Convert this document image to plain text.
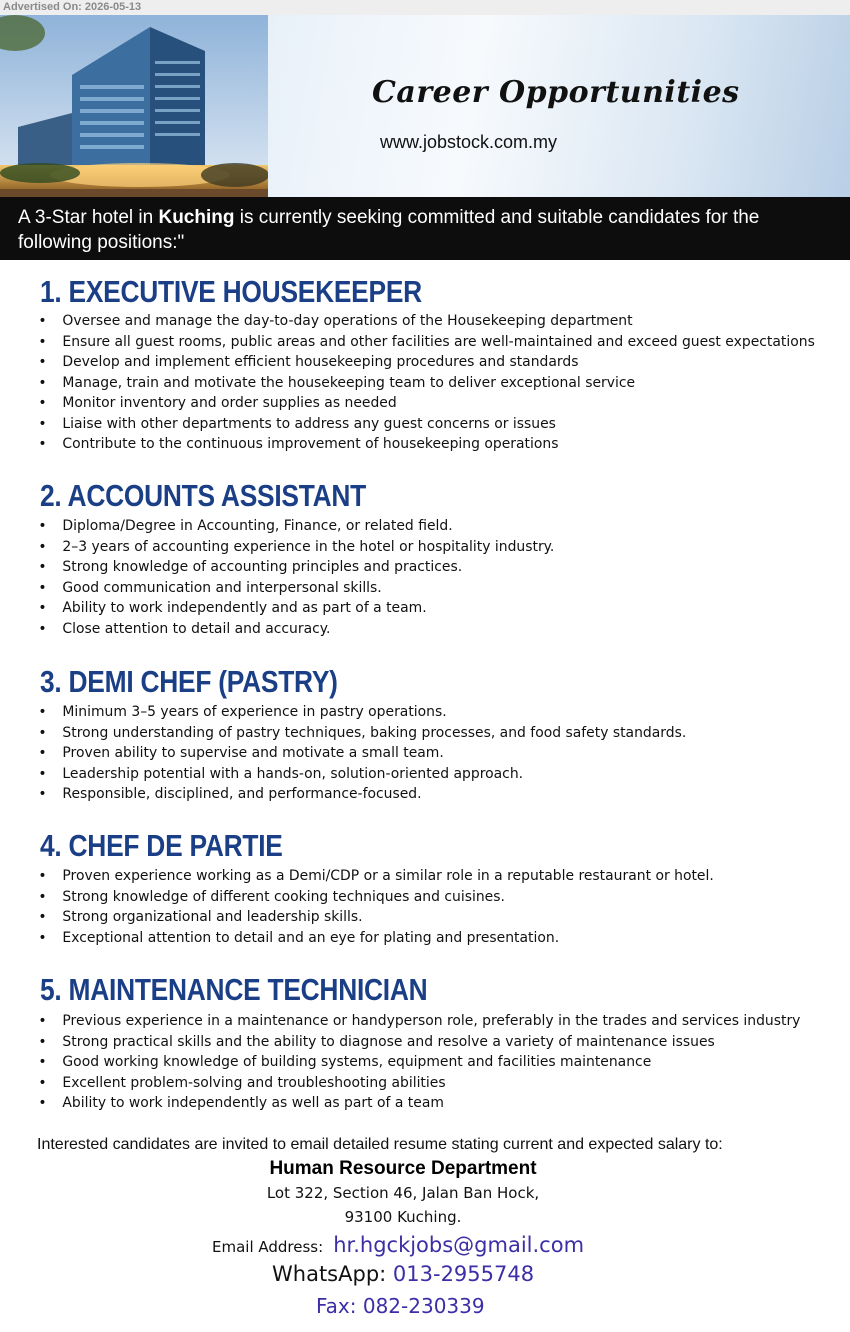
Advertised On: 2026-05-13
Career Opportunities
www.jobstock.com.my
A 3-Star hotel in Kuching is currently seeking committed and suitable candidates for the following positions:"
1. EXECUTIVE HOUSEKEEPER
• Oversee and manage the day-to-day operations of the Housekeeping department
• Ensure all guest rooms, public areas and other facilities are well-maintained and exceed guest expectations
• Develop and implement efficient housekeeping procedures and standards
• Manage, train and motivate the housekeeping team to deliver exceptional service
• Monitor inventory and order supplies as needed
• Liaise with other departments to address any guest concerns or issues
• Contribute to the continuous improvement of housekeeping operations
2. ACCOUNTS ASSISTANT
• Diploma/Degree in Accounting, Finance, or related field.
• 2–3 years of accounting experience in the hotel or hospitality industry.
• Strong knowledge of accounting principles and practices.
• Good communication and interpersonal skills.
• Ability to work independently and as part of a team.
• Close attention to detail and accuracy.
3. DEMI CHEF (PASTRY)
• Minimum 3–5 years of experience in pastry operations.
• Strong understanding of pastry techniques, baking processes, and food safety standards.
• Proven ability to supervise and motivate a small team.
• Leadership potential with a hands-on, solution-oriented approach.
• Responsible, disciplined, and performance-focused.
4. CHEF DE PARTIE
• Proven experience working as a Demi/CDP or a similar role in a reputable restaurant or hotel.
• Strong knowledge of different cooking techniques and cuisines.
• Strong organizational and leadership skills.
• Exceptional attention to detail and an eye for plating and presentation.
5. MAINTENANCE TECHNICIAN
• Previous experience in a maintenance or handyperson role, preferably in the trades and services industry
• Strong practical skills and the ability to diagnose and resolve a variety of maintenance issues
• Good working knowledge of building systems, equipment and facilities maintenance
• Excellent problem-solving and troubleshooting abilities
• Ability to work independently as well as part of a team
Interested candidates are invited to email detailed resume stating current and expected salary to:
Human Resource Department
Lot 322, Section 46, Jalan Ban Hock,
93100 Kuching.
Email Address: hr.hgckjobs@gmail.com
WhatsApp: 013-2955748
Fax: 082-230339
